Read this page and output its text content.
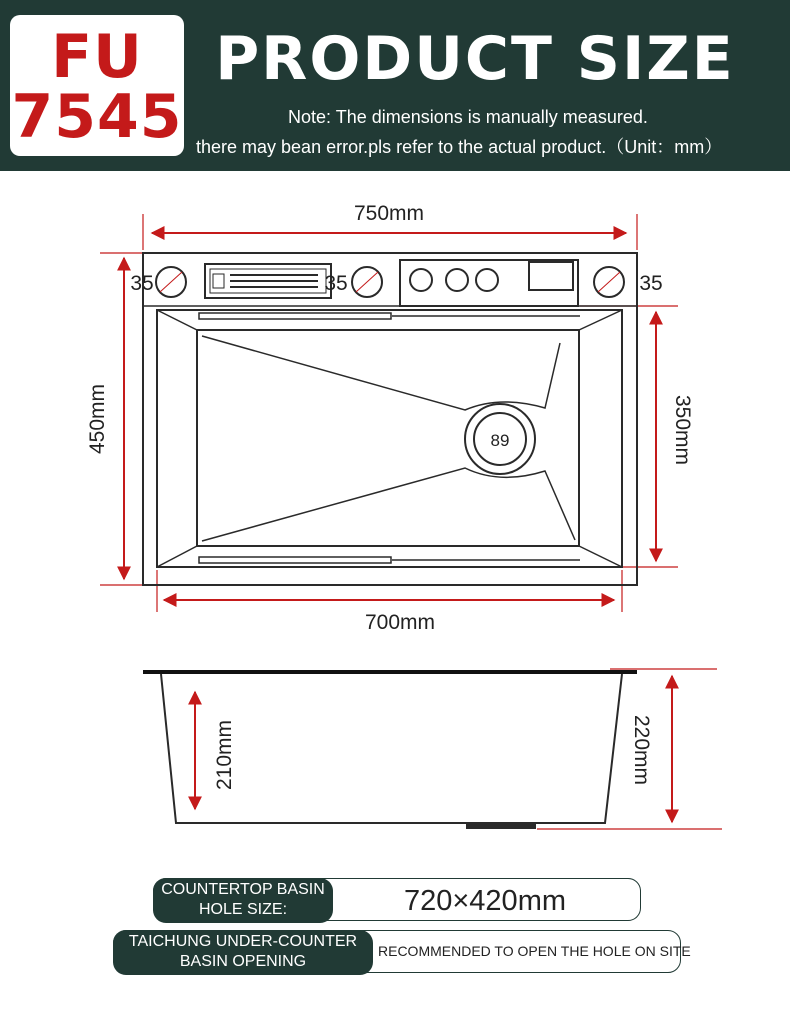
FU
7545
PRODUCT SIZE
Note: The dimensions is manually measured.
there may bean error.pls refer to the actual product.（Unit：mm）
750mm
700mm
450mm	350mm
35	35	35
89
210mm	220mm
COUNTERTOP BASIN
HOLE SIZE:	720×420mm
TAICHUNG UNDER-COUNTER
BASIN OPENING
RECOMMENDED TO OPEN THE HOLE ON SITE
